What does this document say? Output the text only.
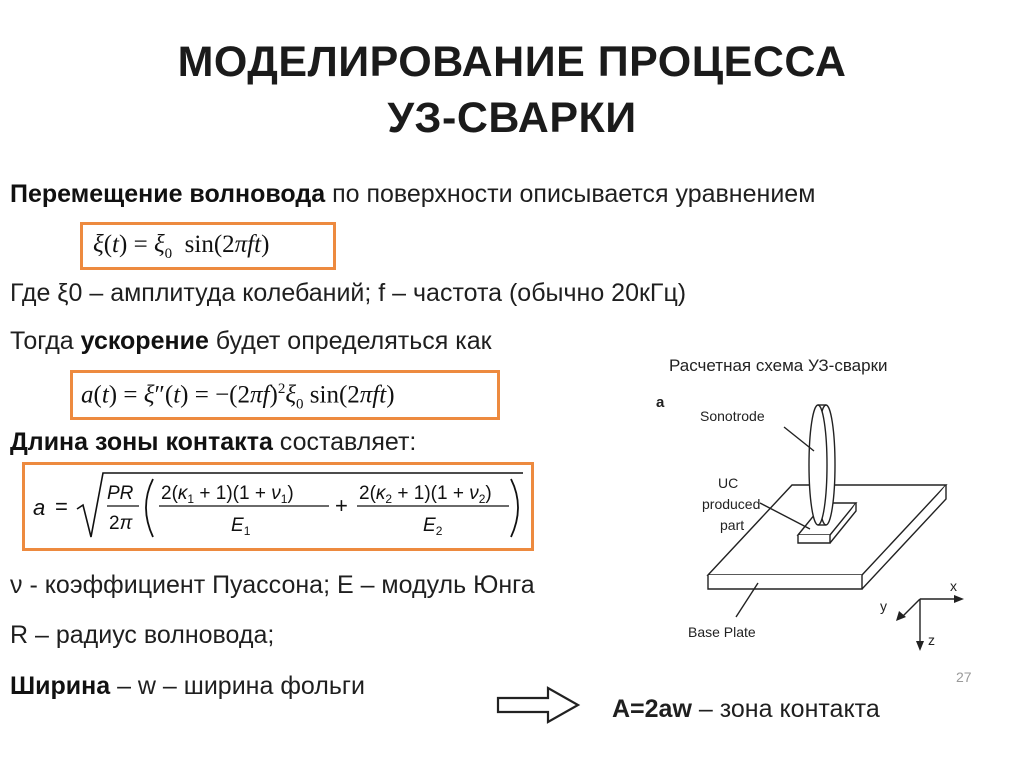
МОДЕЛИРОВАНИЕ ПРОЦЕССА
УЗ-СВАРКИ
Перемещение волновода по поверхности описывается уравнением
$\xi(t) = \xi_0$  sin(2πft)
Где ξ0 – амплитуда колебаний; f – частота (обычно 20кГц)
Тогда ускорение будет определяться как
$a(t) = \xi''(t) = -(2\pi f)^2\xi_0$ sin(2πft)
Длина зоны контакта составляет:
a =
PR
2π
$2(\kappa_1 + 1)(1 + \nu_1)$
$E_1$
+ $2(\kappa_2 + 1)(1 + \nu_2)$
$E_2$
ν - коэффициент Пуассона; E – модуль Юнга
R – радиус волновода;
Ширина – w – ширина фольги
A=2aw – зона контакта
Расчетная схема УЗ-сварки
a
Sonotrode
UC
produced
part
Base Plate
x
y
z
27
